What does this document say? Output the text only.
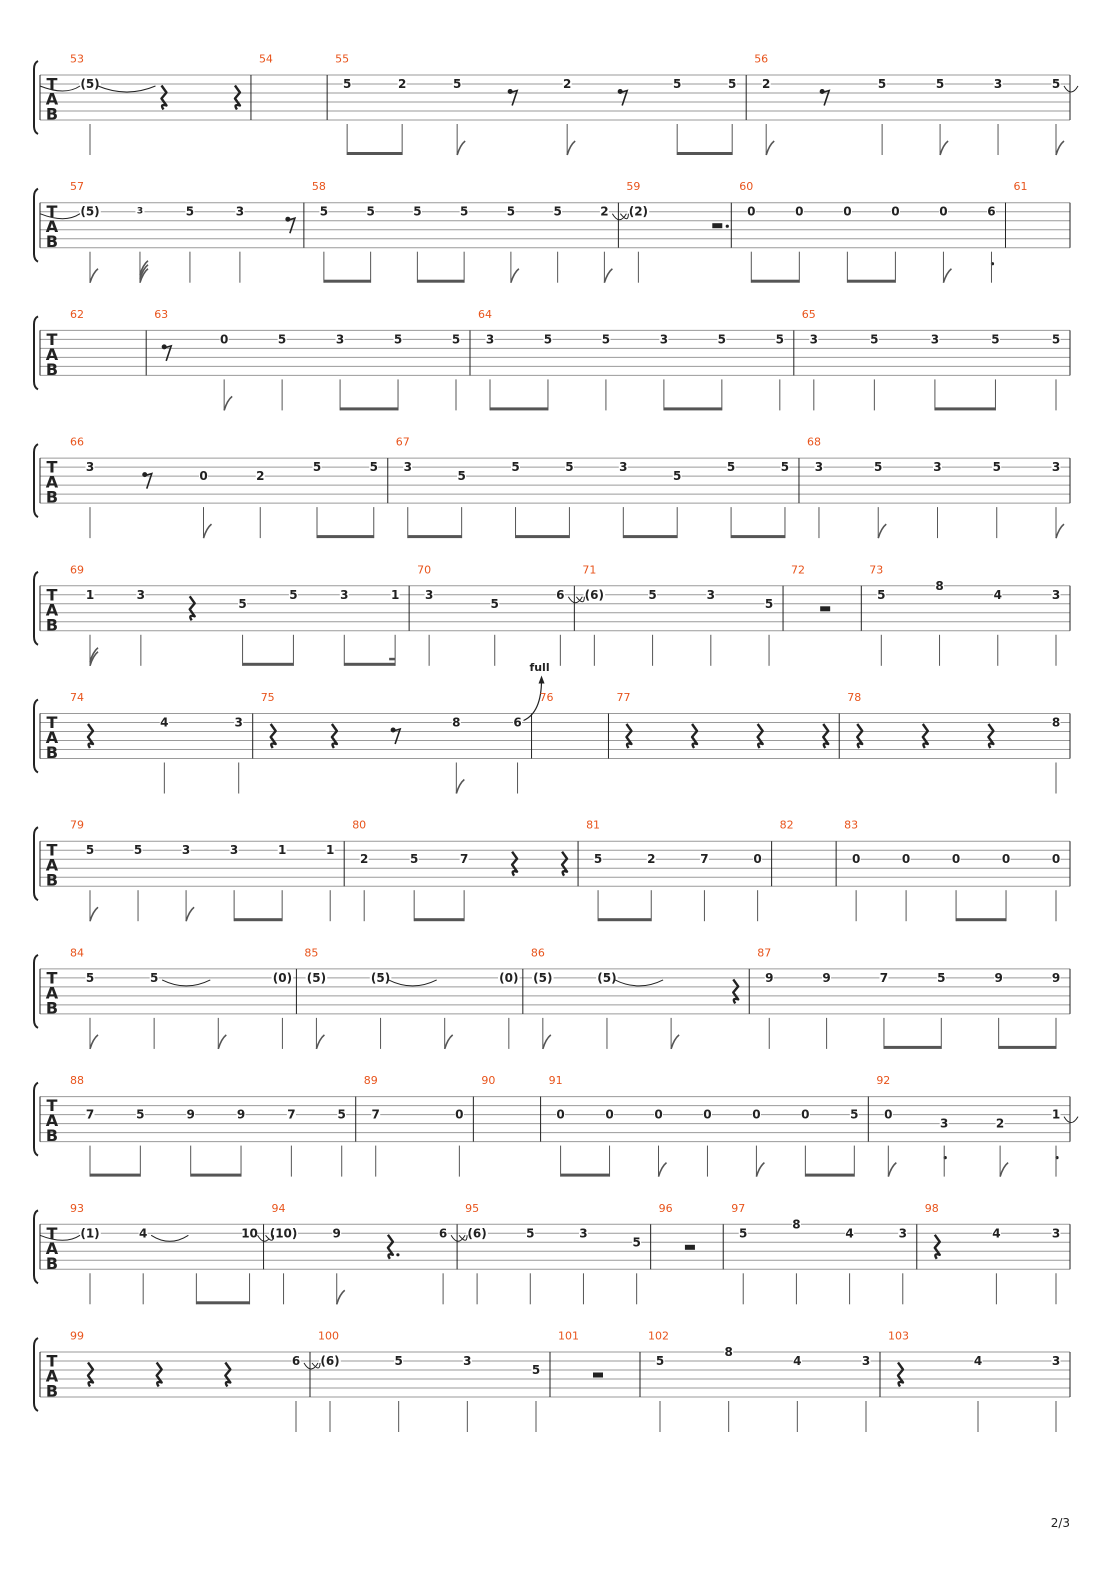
T
A
B
53
(5)
54	55
5	2	5	2	5	5
56
2	5	5	3	5
T
A
B
57
(5)	3	5	3
58
5	5	5	5	5	5	2
59
(2)
60
0	0	0	0	0	6
61
T
A
B
62	63
0	5	3	5	5
64
3	5	5	3	5	5
65
3	5	3	5	5
T
A
B
66
3
0	2
5	5
67
3
5
5	5	3
5
5	5
68
3	5	3	5	3
T
A
B
69
1	3
5
5	3	1
70
3
5
6
71
(6)	5	3
5
72	73
5
8
4	3
T
A
B
74
4	3
75
8	6
full
76	77	78
8
T
A
B
79
5	5	3	3	1	1
80
2	5	7
81
5	2	7	0
82	83
0	0	0	0	0
T
A
B
84
5	5	(0)
85
(5)	(5)	(0)
86
(5)	(5)
87
9	9	7	5	9	9
T
A
B
88
7	5	9	9	7	5
89
7	0
90	91
0	0	0	0	0	0	5
92
0
3	2
1
T
A
B
93
(1)	4	10
94
(10)	9	6
95
(6)	5	3
5
96	97
5
8
4	3
98
4	3
T
A
B
99
6
100
(6)	5	3
5
101	102
5
8
4	3
103
4	3
2/3
